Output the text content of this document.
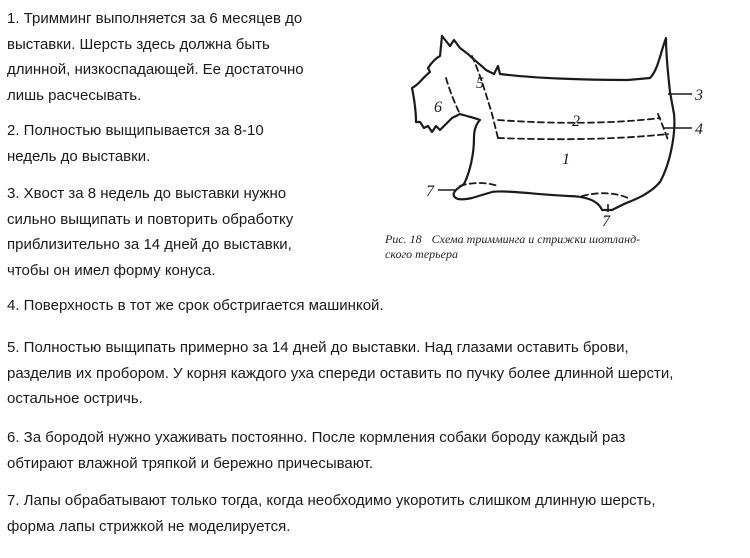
1. Тримминг выполняется за 6 месяцев до
выставки. Шерсть здесь должна быть
длинной, низкоспадающей. Ее достаточно
лишь расчесывать.
2. Полностью выщипывается за 8-10
недель до выставки.
3. Хвост за 8 недель до выставки нужно
сильно выщипать и повторить обработку
приблизительно за 14 дней до выставки,
чтобы он имел форму конуса.
4. Поверхность в тот же срок обстригается машинкой.
5. Полностью выщипать примерно за 14 дней до выставки. Над глазами оставить брови,
разделив их пробором. У корня каждого уха спереди оставить по пучку более длинной шерсти,
остальное остричь.
6. За бородой нужно ухаживать постоянно. После кормления собаки бороду каждый раз
обтирают влажной тряпкой и бережно причесывают.
7. Лапы обрабатывают только тогда, когда необходимо укоротить слишком длинную шерсть,
форма лапы стрижкой не моделируется.
1
2
3
4
5
6
7
7
Рис. 18 Схема тримминга и стрижки шотланд-
ского терьера
